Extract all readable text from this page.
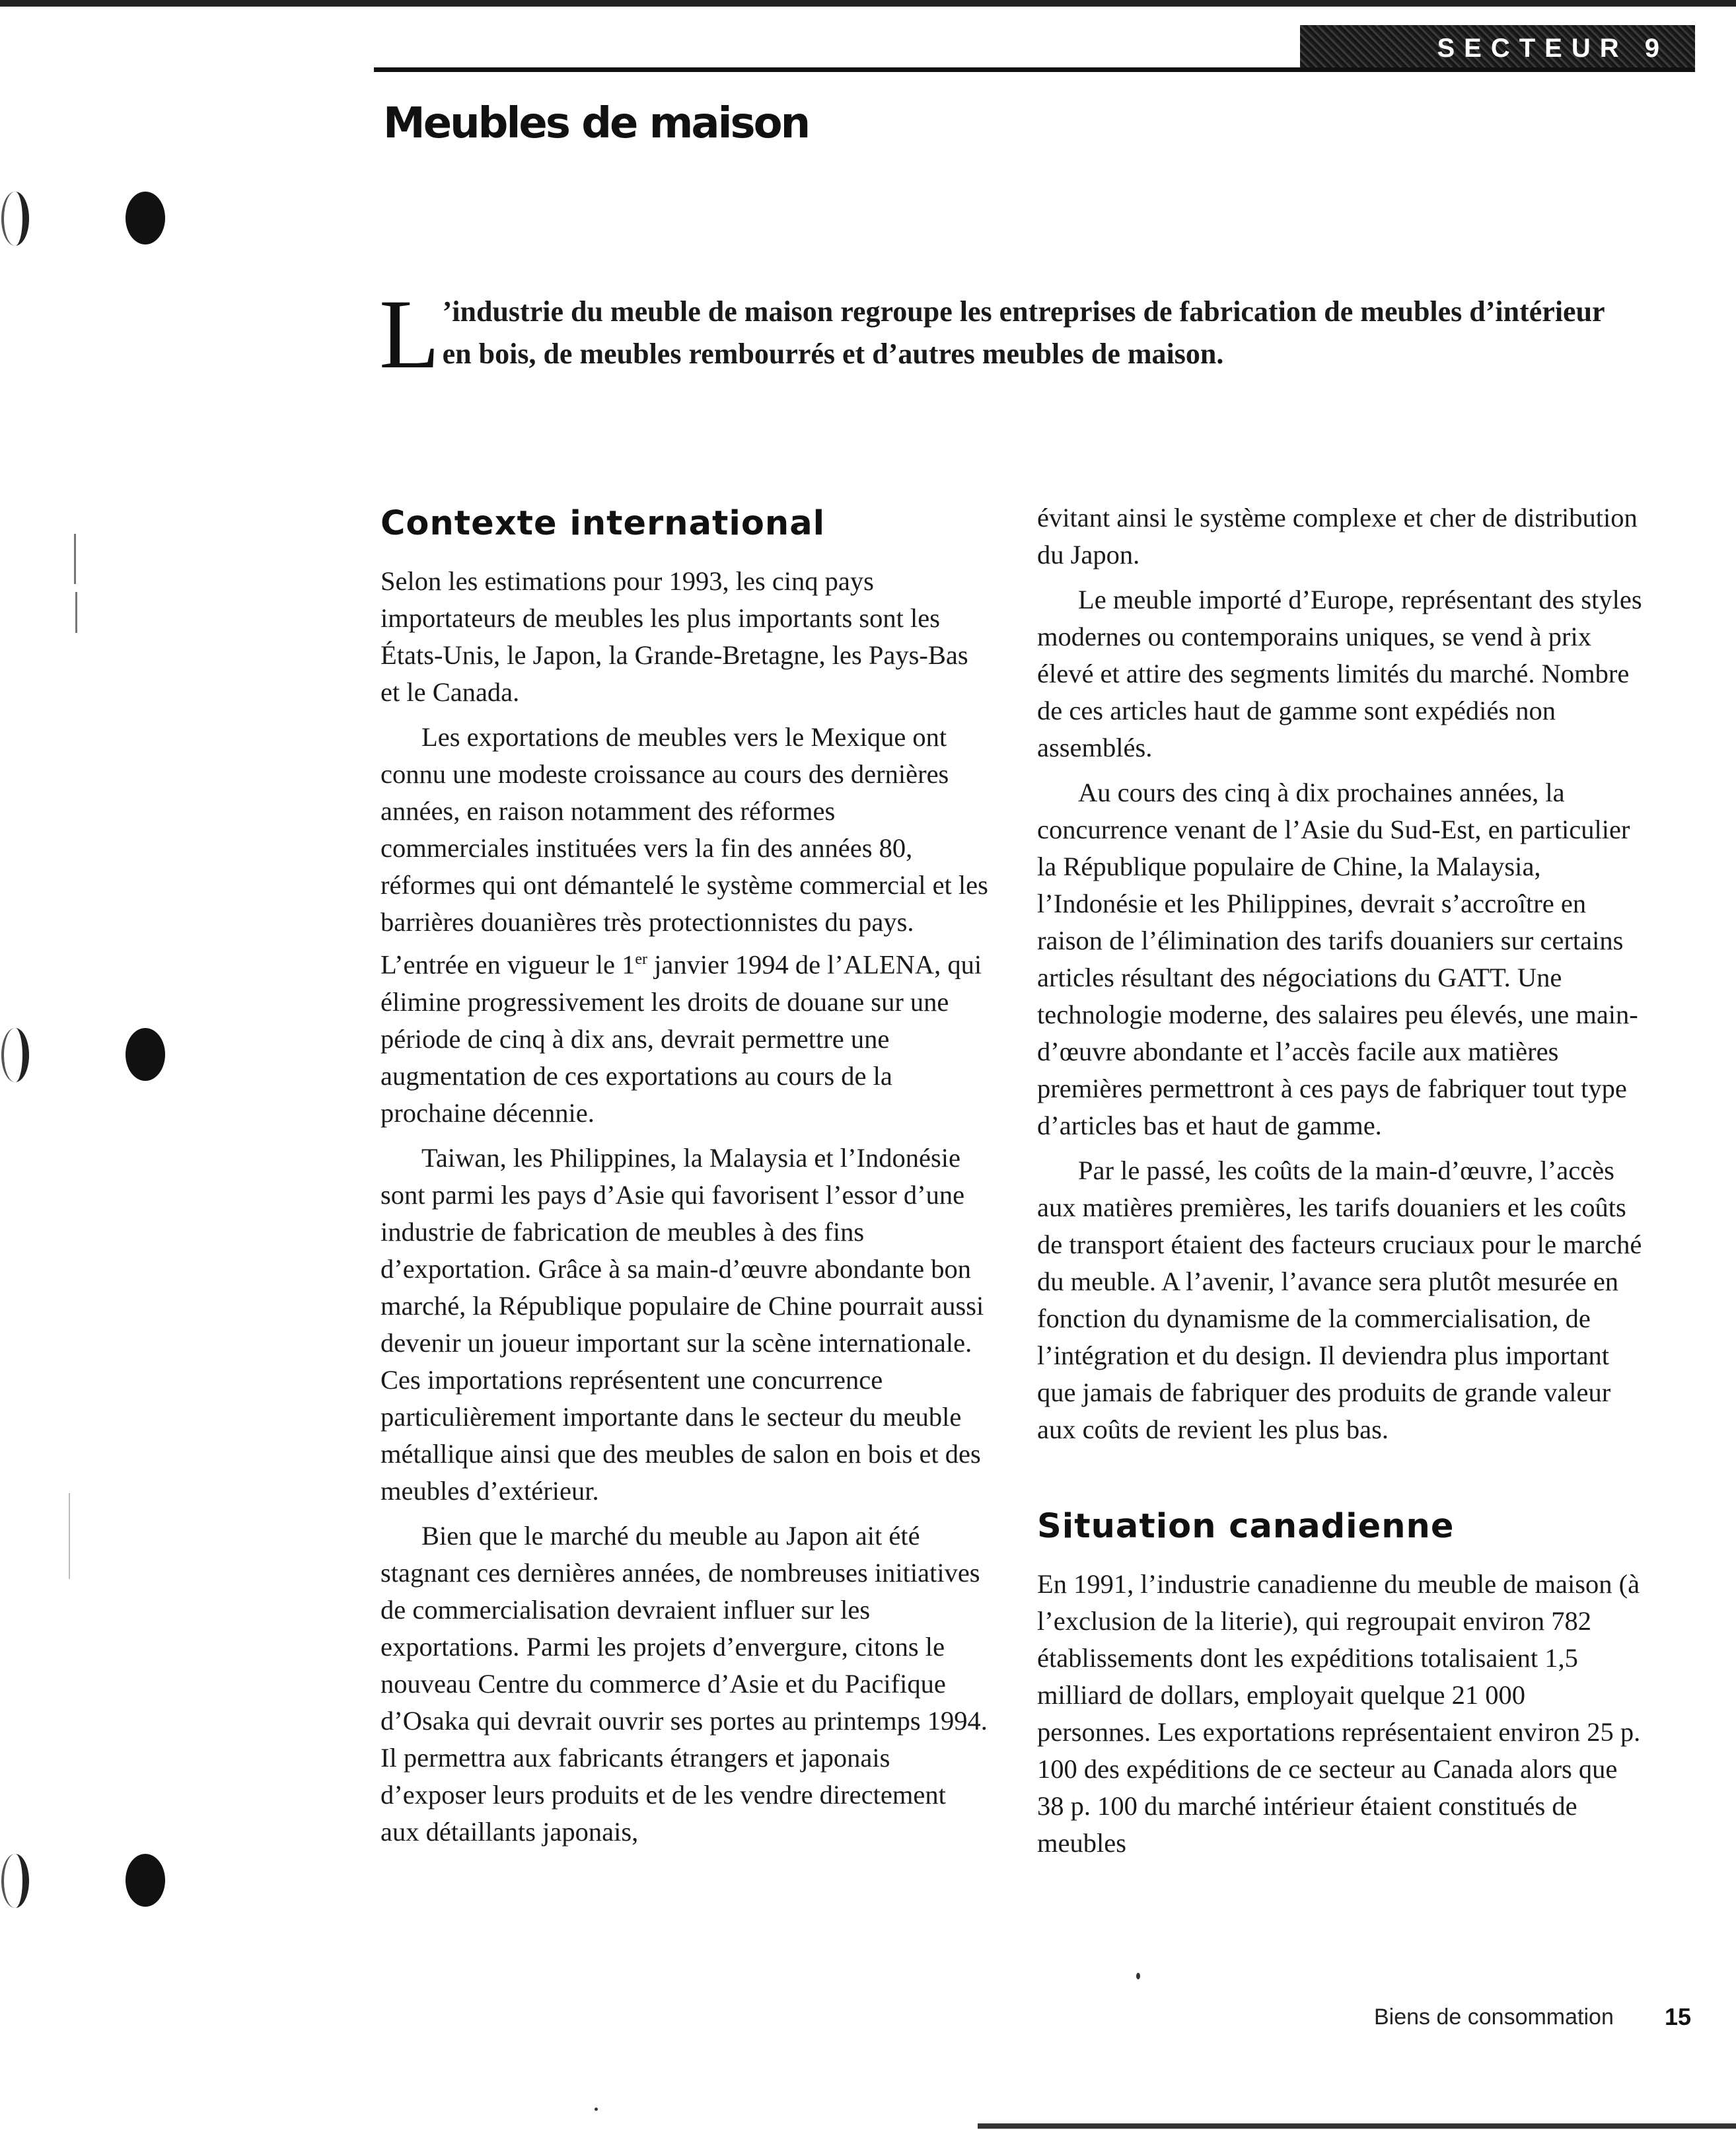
SECTEUR 9
Meubles de maison
L ’industrie du meuble de maison regroupe les entreprises de fabrication de meubles d’intérieur en bois, de meubles rembourrés et d’autres meubles de maison.
Contexte international

Selon les estimations pour 1993, les cinq pays importateurs de meubles les plus importants sont les États-Unis, le Japon, la Grande-Bretagne, les Pays-Bas et le Canada.

Les exportations de meubles vers le Mexique ont connu une modeste croissance au cours des dernières années, en raison notamment des réformes commerciales instituées vers la fin des années 80, réformes qui ont démantelé le système commercial et les barrières douanières très protectionnistes du pays. L’entrée en vigueur le 1er janvier 1994 de l’ALENA, qui élimine progressivement les droits de douane sur une période de cinq à dix ans, devrait permettre une augmentation de ces exportations au cours de la prochaine décennie.

Taiwan, les Philippines, la Malaysia et l’Indonésie sont parmi les pays d’Asie qui favorisent l’essor d’une industrie de fabrication de meubles à des fins d’exportation. Grâce à sa main-d’œuvre abondante bon marché, la République populaire de Chine pourrait aussi devenir un joueur important sur la scène internationale. Ces importations représentent une concurrence particulièrement importante dans le secteur du meuble métallique ainsi que des meubles de salon en bois et des meubles d’extérieur.

Bien que le marché du meuble au Japon ait été stagnant ces dernières années, de nombreuses initiatives de commercialisation devraient influer sur les exportations. Parmi les projets d’envergure, citons le nouveau Centre du commerce d’Asie et du Pacifique d’Osaka qui devrait ouvrir ses portes au printemps 1994. Il permettra aux fabricants étrangers et japonais d’exposer leurs produits et de les vendre directement aux détaillants japonais,

évitant ainsi le système complexe et cher de distribution du Japon.

Le meuble importé d’Europe, représentant des styles modernes ou contemporains uniques, se vend à prix élevé et attire des segments limités du marché. Nombre de ces articles haut de gamme sont expédiés non assemblés.

Au cours des cinq à dix prochaines années, la concurrence venant de l’Asie du Sud-Est, en particulier la République populaire de Chine, la Malaysia, l’Indonésie et les Philippines, devrait s’accroître en raison de l’élimination des tarifs douaniers sur certains articles résultant des négociations du GATT. Une technologie moderne, des salaires peu élevés, une main-d’œuvre abondante et l’accès facile aux matières premières permettront à ces pays de fabriquer tout type d’articles bas et haut de gamme.

Par le passé, les coûts de la main-d’œuvre, l’accès aux matières premières, les tarifs douaniers et les coûts de transport étaient des facteurs cruciaux pour le marché du meuble. A l’avenir, l’avance sera plutôt mesurée en fonction du dynamisme de la commercialisation, de l’intégration et du design. Il deviendra plus important que jamais de fabriquer des produits de grande valeur aux coûts de revient les plus bas.

Situation canadienne

En 1991, l’industrie canadienne du meuble de maison (à l’exclusion de la literie), qui regroupait environ 782 établissements dont les expéditions totalisaient 1,5 milliard de dollars, employait quelque 21 000 personnes. Les exportations représentaient environ 25 p. 100 des expéditions de ce secteur au Canada alors que 38 p. 100 du marché intérieur étaient constitués de meubles

Biens de consommation 15
